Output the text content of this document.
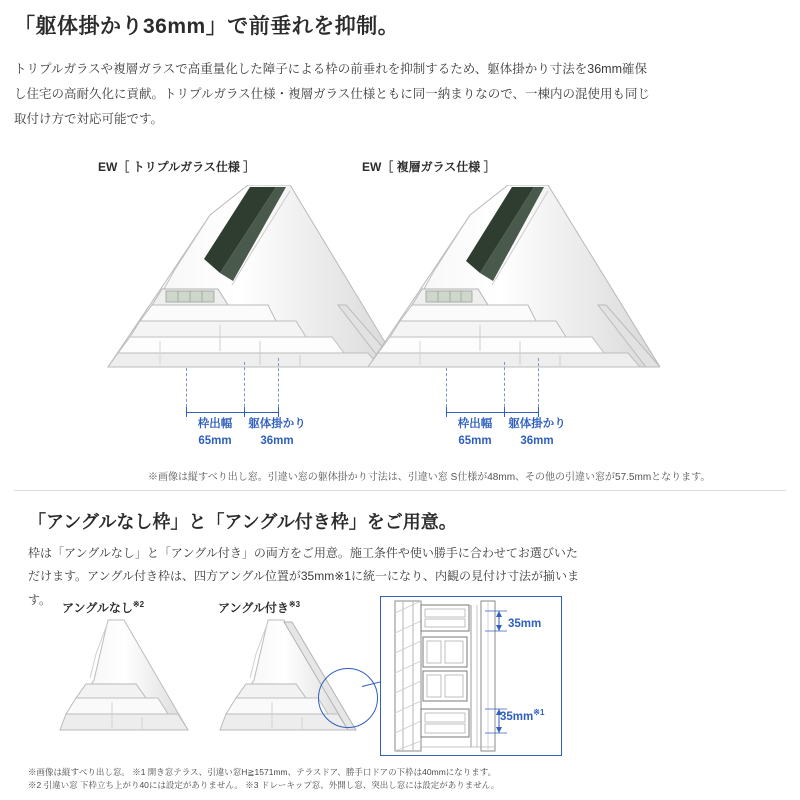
「躯体掛かり36mm」で前垂れを抑制。
トリプルガラスや複層ガラスで高重量化した障子による枠の前垂れを抑制するため、躯体掛かり寸法を36mm確保し住宅の高耐久化に貢献。トリプルガラス仕様・複層ガラス仕様ともに同一納まりなので、一棟内の混使用も同じ取付け方で対応可能です。
EW［ トリプルガラス仕様 ］	EW［ 複層ガラス仕様 ］
枠出幅
65mm
躯体掛かり
36mm
枠出幅
65mm
躯体掛かり
36mm
※画像は縦すべり出し窓。引違い窓の躯体掛かり寸法は、引違い窓 S仕様が48mm、その他の引違い窓が57.5mmとなります。
「アングルなし枠」と「アングル付き枠」をご用意。
枠は「アングルなし」と「アングル付き」の両方をご用意。施工条件や使い勝手に合わせてお選びいただけます。アングル付き枠は、四方アングル位置が35mm※1に統一になり、内観の見付け寸法が揃います。
アングルなし$^{※2}$	アングル付き$^{※3}$
35mm
$35mm^{※1}$
※画像は縦すべり出し窓。 ※1 開き窓テラス、引違い窓H≧1571mm、テラスドア、勝手口ドアの下枠は40mmになります。
※2 引違い窓 下枠立ち上がり40には設定がありません。 ※3 ドレーキップ窓、外開し窓、突出し窓には設定がありません。
